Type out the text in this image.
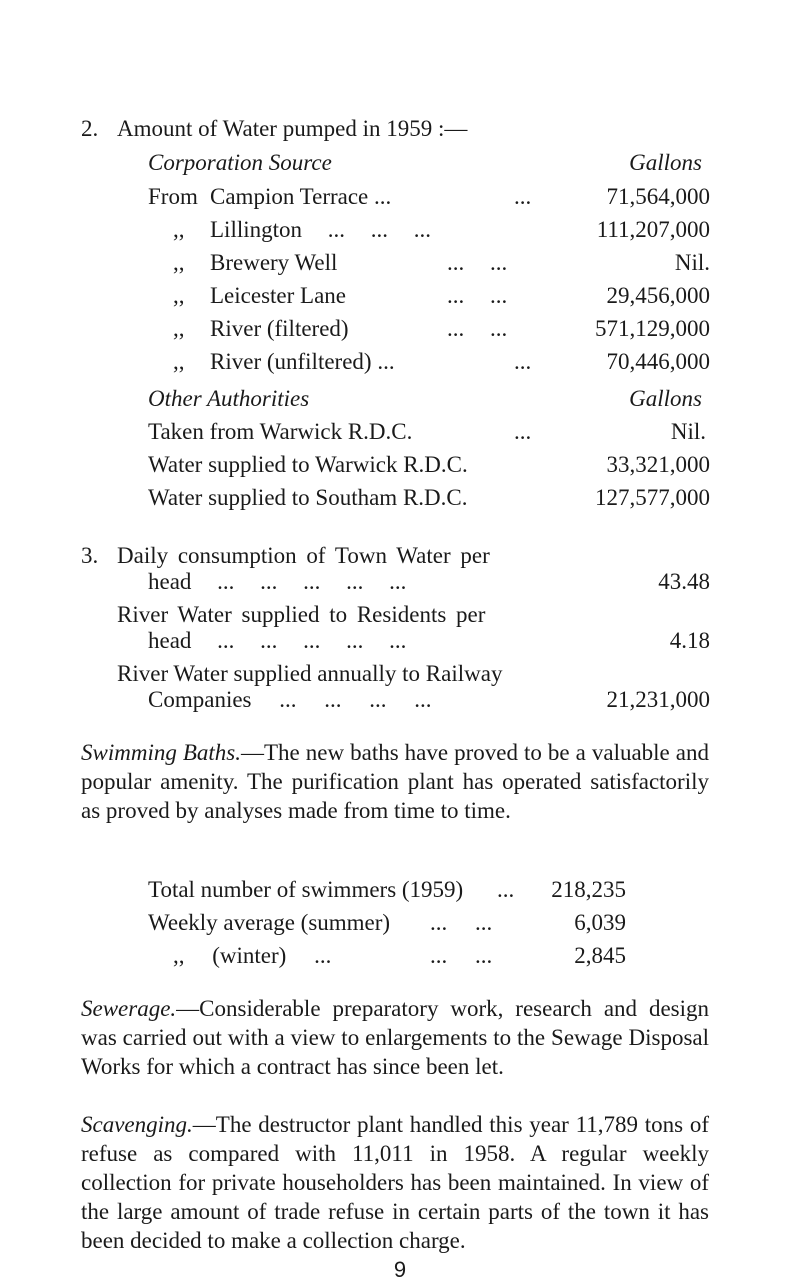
2. Amount of Water pumped in 1959 :—
Corporation Source	Gallons
From Campion Terrace ...	...	71,564,000
,, Lillington ... ... ...	111,207,000
,, Brewery Well	... ...	Nil.
,, Leicester Lane	... ...	29,456,000
,, River (filtered)	... ...	571,129,000
,, River (unfiltered) ...	...	70,446,000
Other Authorities	Gallons
Taken from Warwick R.D.C.	...	Nil.
Water supplied to Warwick R.D.C.	33,321,000
Water supplied to Southam R.D.C.	127,577,000
3. Daily consumption of Town Water per
head ... ... ... ... ...	43.48
River Water supplied to Residents per
head ... ... ... ... ...	4.18
River Water supplied annually to Railway
Companies ... ... ... ...	21,231,000
Swimming Baths.—The new baths have proved to be a valuable and popular amenity. The purification plant has operated satisfactorily as proved by analyses made from time to time.
Total number of swimmers (1959) ...	218,235
Weekly average (summer) ... ...	6,039
,, (winter) ...	... ...	2,845
Sewerage.—Considerable preparatory work, research and design was carried out with a view to enlargements to the Sewage Disposal Works for which a contract has since been let.
Scavenging.—The destructor plant handled this year 11,789 tons of refuse as compared with 11,011 in 1958. A regular weekly collection for private householders has been maintained. In view of the large amount of trade refuse in certain parts of the town it has been decided to make a collection charge.
9
